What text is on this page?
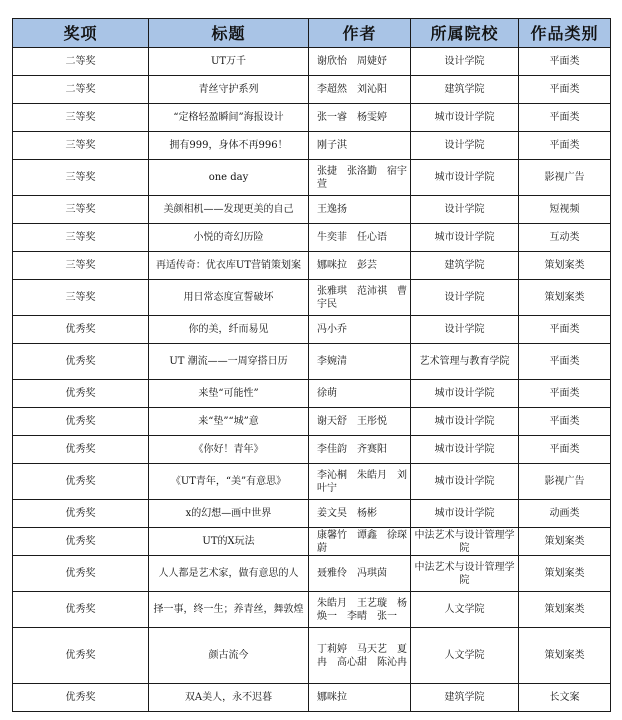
奖项	标题	作者	所属院校	作品类别
二等奖	UT万千	谢欣怡　周婕妤	设计学院	平面类
二等奖	青丝守护系列	李超然　刘沁阳	建筑学院	平面类
三等奖	“定格轻盈瞬间”海报设计	张一睿　杨雯婷	城市设计学院	平面类
三等奖	拥有999，身体不再996！	刚子淇	设计学院	平面类
三等奖	one day	张捷　张洛勤　宿宇萱	城市设计学院	影视广告
三等奖	美颜相机——发现更美的自己	王逸扬	设计学院	短视频
三等奖	小悦的奇幻历险	牛奕菲　任心语	城市设计学院	互动类
三等奖	再适传奇：优衣库UT营销策划案	娜咪拉　彭芸	建筑学院	策划案类
三等奖	用日常态度宣誓破坏	张雅琪　范沛祺　曹宇民	设计学院	策划案类
优秀奖	你的美，纤而易见	冯小乔	设计学院	平面类
优秀奖	UT 潮流——一周穿搭日历	李婉清	艺术管理与教育学院	平面类
优秀奖	来垫“可能性”	徐萌	城市设计学院	平面类
优秀奖	来“垫”“城”意	谢天舒　王彤悦	城市设计学院	平面类
优秀奖	《你好！青年》	李佳韵　齐赛阳	城市设计学院	平面类
优秀奖	《UT青年，“美”有意思》	李沁桐　朱皓月　刘叶宁	城市设计学院	影视广告
优秀奖	x的幻想—画中世界	姜文昊　杨彬	城市设计学院	动画类
优秀奖	UT的X玩法	康馨竹　谭鑫　徐琛蔚	中法艺术与设计管理学院	策划案类
优秀奖	人人都是艺术家，做有意思的人	聂雅伶　冯琪茵	中法艺术与设计管理学院	策划案类
优秀奖	择一事，终一生；养青丝，舞敦煌	朱皓月　王艺璇　杨焕一　李晴　张一	人文学院	策划案类
优秀奖	颜古流今	丁莉婷　马天艺　夏冉　高心甜　陈沁冉	人文学院	策划案类
优秀奖	双A美人，永不迟暮	娜咪拉	建筑学院	长文案
